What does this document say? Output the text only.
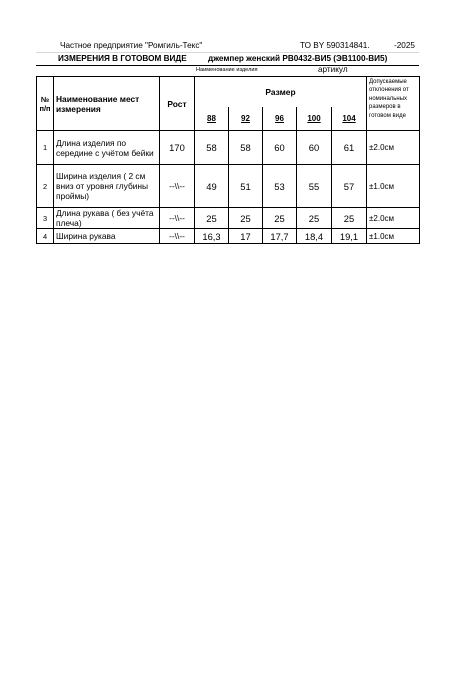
Частное предприятие "Ромгиль-Текс"	ТО BY 590314841.	-2025
ИЗМЕРЕНИЯ В ГОТОВОМ ВИДЕ	джемпер женский РВ0432-ВИ5 (ЭВ1100-ВИ5)
Наименование изделия	артикул
№ п/п	Наименование мест измерения	Рост	Размер					Допускаемые отклонения от номинальных размеров в готовом виде
			88	92	96	100	104	
1	Длина изделия по середине с учётом бейки	170	58	58	60	60	61	±2.0см
2	Ширина изделия ( 2 см вниз от уровня глубины проймы)	--\\--	49	51	53	55	57	±1.0см
3	Длина рукава ( без учёта плеча)	--\\--	25	25	25	25	25	±2.0см
4	Ширина рукава	--\\--	16,3	17	17,7	18,4	19,1	±1.0см
